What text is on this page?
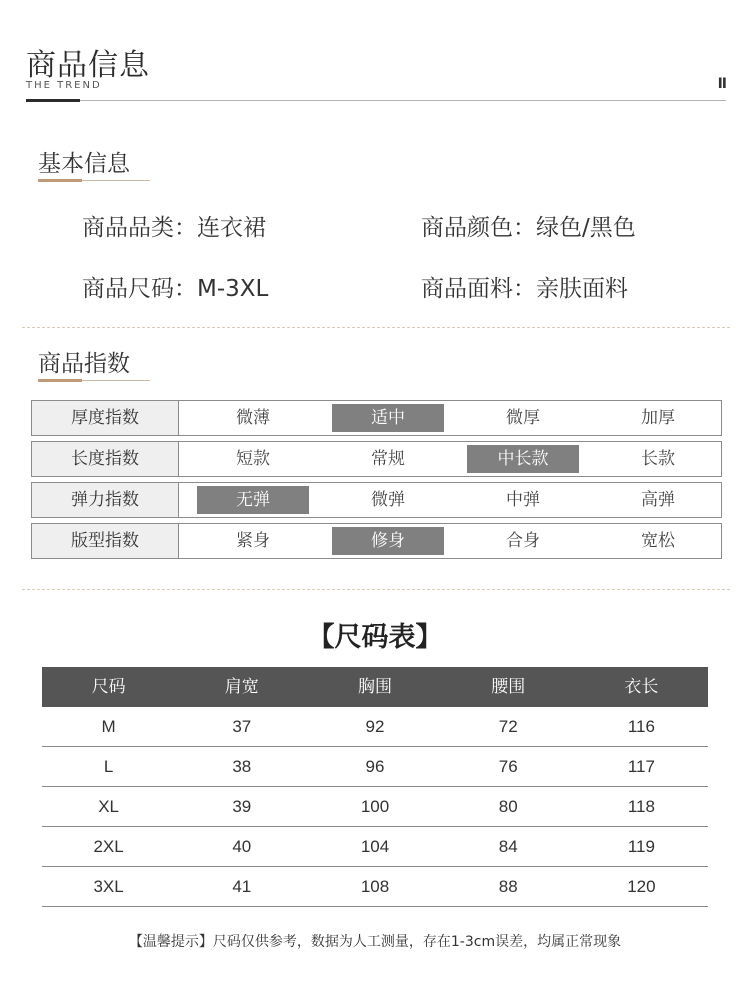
商品信息
THE TREND	II
基本信息
商品品类：连衣裙	商品颜色：绿色/黑色
商品尺码：M-3XL	商品面料：亲肤面料
商品指数
厚度指数	微薄	适中	微厚	加厚
长度指数	短款	常规	中长款	长款
弹力指数	无弹	微弹	中弹	高弹
版型指数	紧身	修身	合身	宽松
【尺码表】
尺码	肩宽	胸围	腰围	衣长
M	37	92	72	116
L	38	96	76	117
XL	39	100	80	118
2XL	40	104	84	119
3XL	41	108	88	120
【温馨提示】尺码仅供参考，数据为人工测量，存在1-3cm误差，均属正常现象
